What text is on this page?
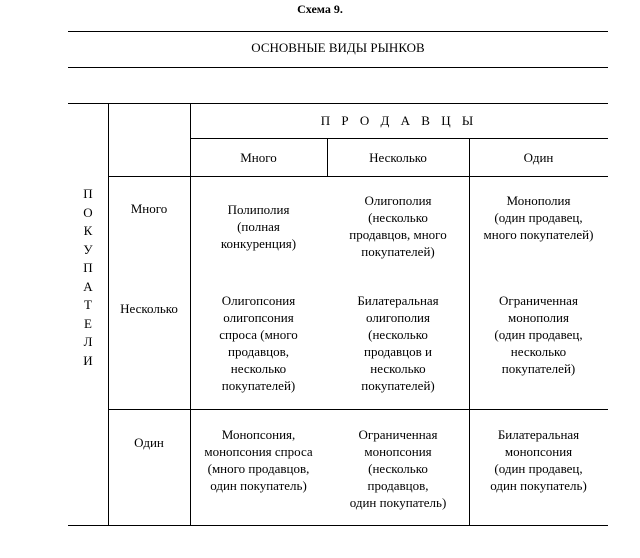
Схема 9.
ОСНОВНЫЕ ВИДЫ РЫНКОВ
П Р О Д А В Ц Ы
Много	Несколько	Один
П
О
К
У
П
А
Т
Е
Л
И
Много
Несколько
Один
Полиполия
(полная
конкуренция)
Олигополия
(несколько
продавцов, много
покупателей)
Монополия
(один продавец,
много покупателей)
Олигопсония
олигопсония
спроса (много
продавцов,
несколько
покупателей)
Билатеральная
олигополия
(несколько
продавцов и
несколько
покупателей)
Ограниченная
монополия
(один продавец,
несколько
покупателей)
Монопсония,
монопсония спроса
(много продавцов,
один покупатель)
Ограниченная
монопсония
(несколько
продавцов,
один покупатель)
Билатеральная
монопсония
(один продавец,
один покупатель)
